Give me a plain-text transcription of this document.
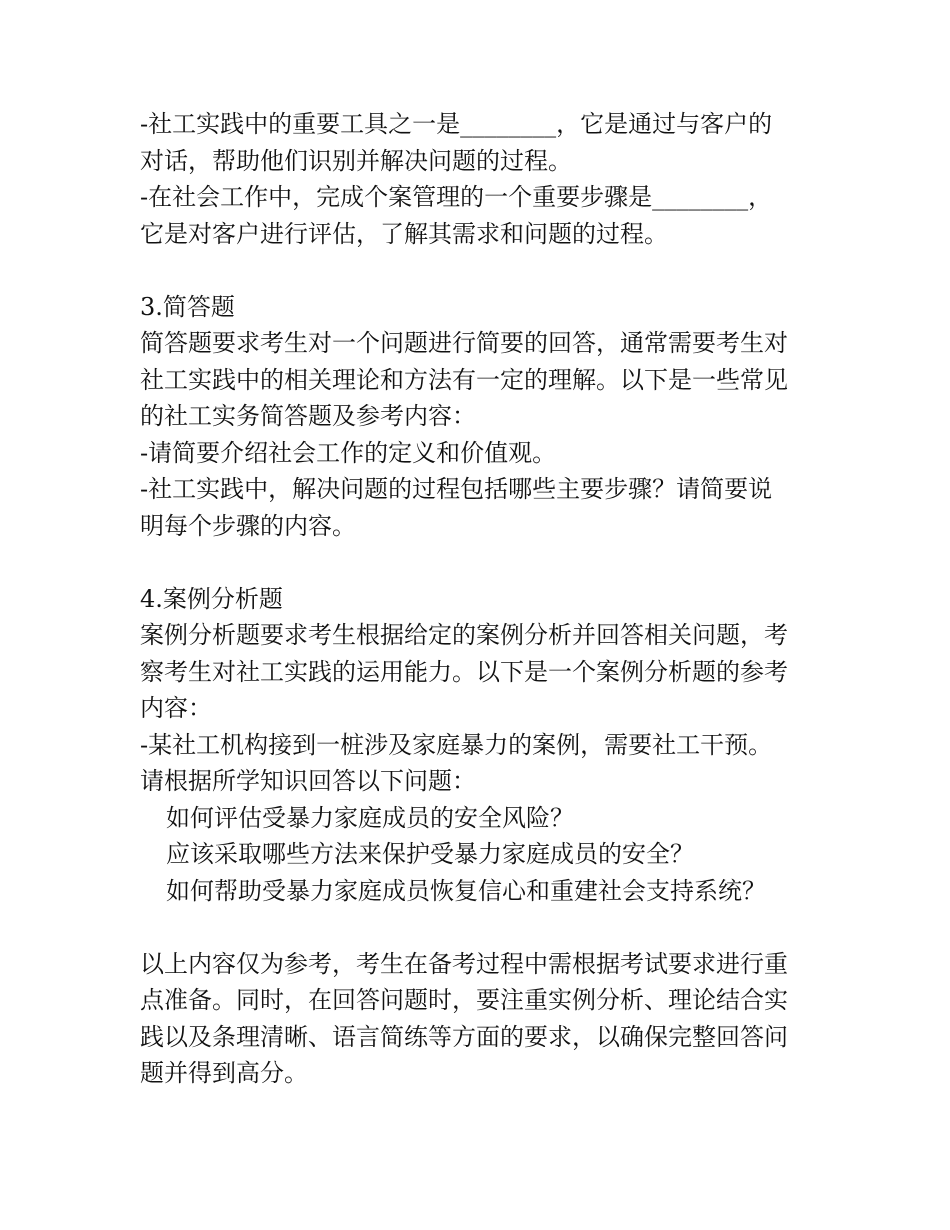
-社工实践中的重要工具之一是________，它是通过与客户的
对话，帮助他们识别并解决问题的过程。
-在社会工作中，完成个案管理的一个重要步骤是________，
它是对客户进行评估，了解其需求和问题的过程。
3.简答题
简答题要求考生对一个问题进行简要的回答，通常需要考生对
社工实践中的相关理论和方法有一定的理解。以下是一些常见
的社工实务简答题及参考内容：
-请简要介绍社会工作的定义和价值观。
-社工实践中，解决问题的过程包括哪些主要步骤？请简要说
明每个步骤的内容。
4.案例分析题
案例分析题要求考生根据给定的案例分析并回答相关问题，考
察考生对社工实践的运用能力。以下是一个案例分析题的参考
内容：
-某社工机构接到一桩涉及家庭暴力的案例，需要社工干预。
请根据所学知识回答以下问题：
如何评估受暴力家庭成员的安全风险？
应该采取哪些方法来保护受暴力家庭成员的安全？
如何帮助受暴力家庭成员恢复信心和重建社会支持系统？
以上内容仅为参考，考生在备考过程中需根据考试要求进行重
点准备。同时，在回答问题时，要注重实例分析、理论结合实
践以及条理清晰、语言简练等方面的要求，以确保完整回答问
题并得到高分。
